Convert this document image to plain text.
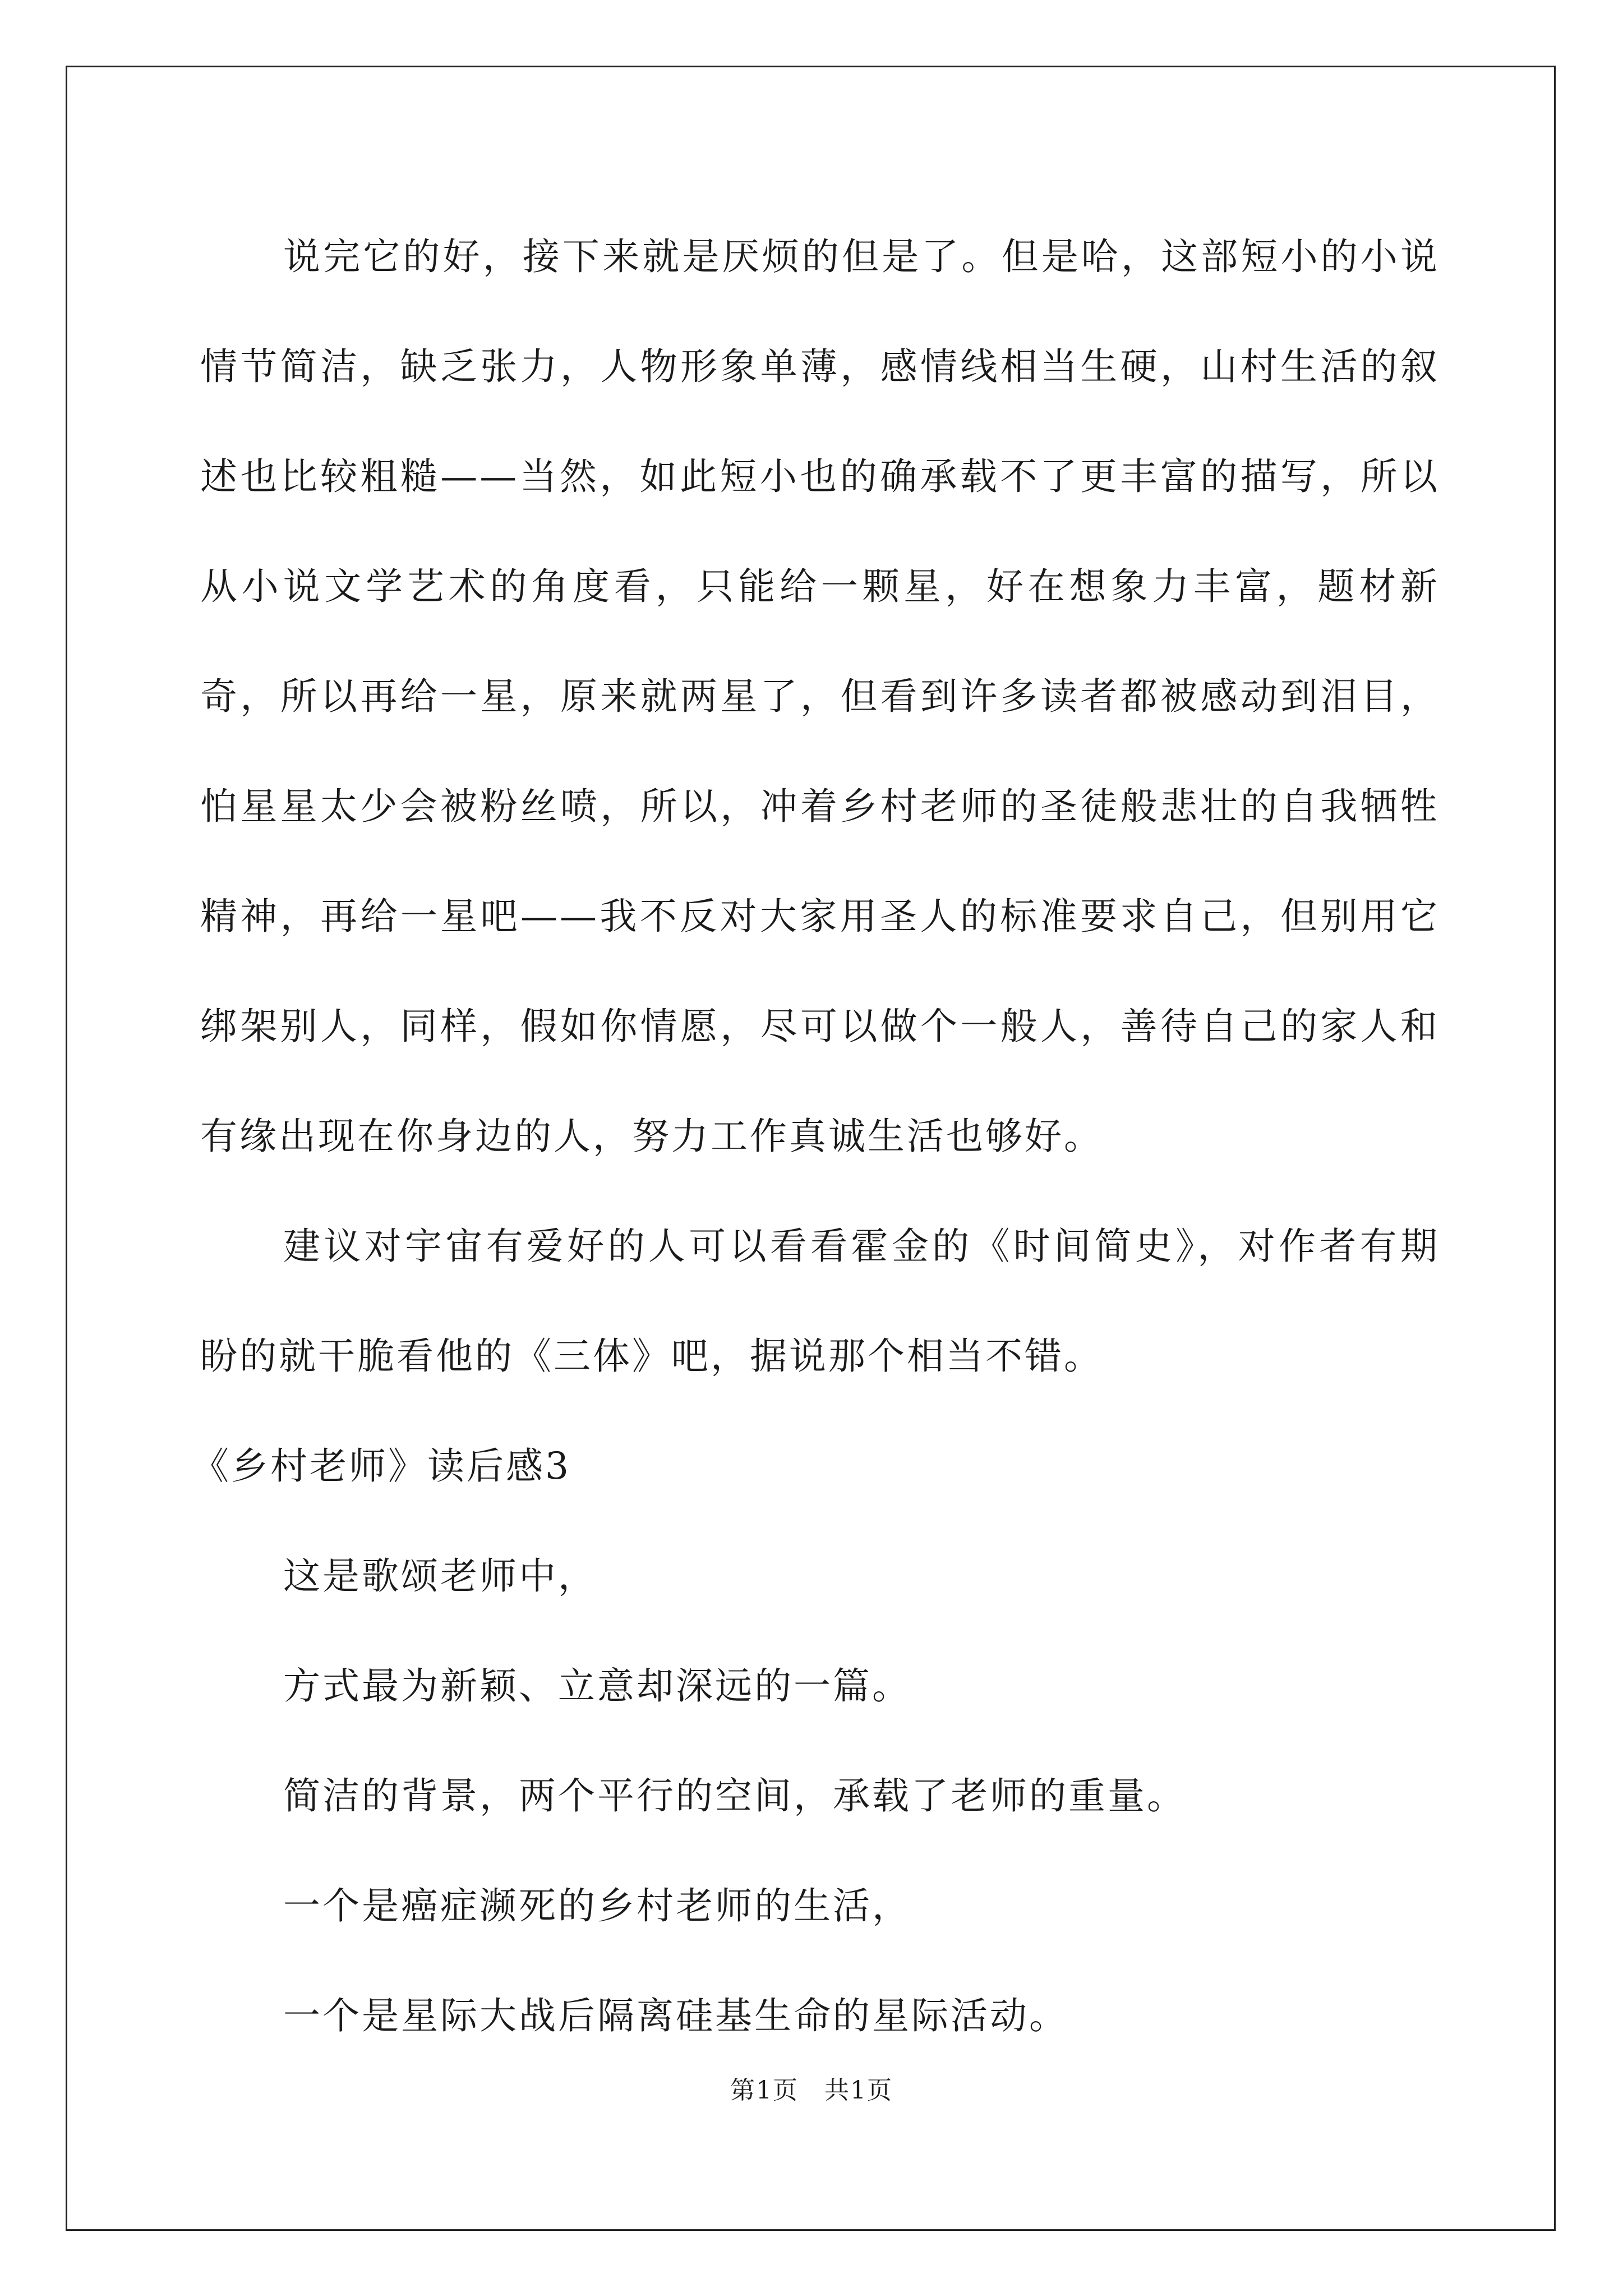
说完它的好，接下来就是厌烦的但是了。但是哈，这部短小的小说情节简洁，缺乏张力，人物形象单薄，感情线相当生硬，山村生活的叙述也比较粗糙——当然，如此短小也的确承载不了更丰富的描写，所以从小说文学艺术的角度看，只能给一颗星，好在想象力丰富，题材新奇，所以再给一星，原来就两星了，但看到许多读者都被感动到泪目，怕星星太少会被粉丝喷，所以，冲着乡村老师的圣徒般悲壮的自我牺牲精神，再给一星吧——我不反对大家用圣人的标准要求自己，但别用它绑架别人，同样，假如你情愿，尽可以做个一般人，善待自己的家人和有缘出现在你身边的人，努力工作真诚生活也够好。

建议对宇宙有爱好的人可以看看霍金的《时间简史》，对作者有期盼的就干脆看他的《三体》吧，据说那个相当不错。

《乡村老师》读后感3

这是歌颂老师中，

方式最为新颖、立意却深远的一篇。

简洁的背景，两个平行的空间，承载了老师的重量。

一个是癌症濒死的乡村老师的生活，

一个是星际大战后隔离硅基生命的星际活动。

第1页　共1页
